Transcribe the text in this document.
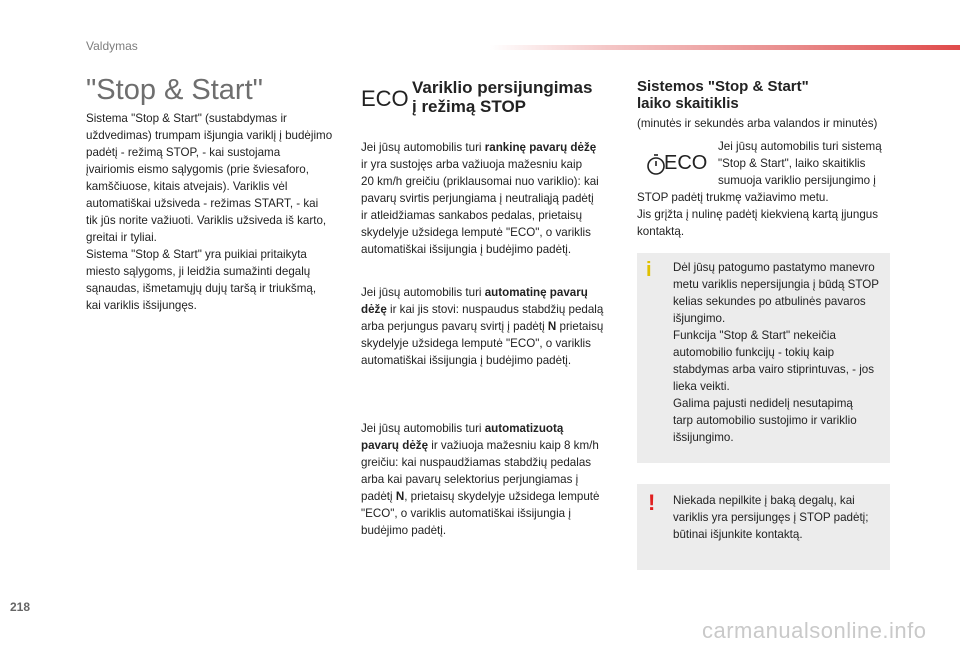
Valdymas
"Stop & Start"

Sistema "Stop & Start" (sustabdymas ir

uždvedimas) trumpam išjungia variklį į budėjimo

padėtį - režimą STOP, - kai sustojama

įvairiomis eismo sąlygomis (prie šviesaforo,

kamščiuose, kitais atvejais). Variklis vėl

automatiškai užsiveda - režimas START, - kai

tik jūs norite važiuoti. Variklis užsiveda iš karto,

greitai ir tyliai.

Sistema "Stop & Start" yra puikiai pritaikyta

miesto sąlygoms, ji leidžia sumažinti degalų

sąnaudas, išmetamųjų dujų taršą ir triukšmą,

kai variklis išsijungęs.

ECO Variklio persijungimas
į režimą STOP

Jei jūsų automobilis turi rankinę pavarų dėžę

ir yra sustojęs arba važiuoja mažesniu kaip

20 km/h greičiu (priklausomai nuo variklio): kai

pavarų svirtis perjungiama į neutraliąją padėtį

ir atleidžiamas sankabos pedalas, prietaisų

skydelyje užsidega lemputė "ECO", o variklis

automatiškai išsijungia į budėjimo padėtį.

Jei jūsų automobilis turi automatinę pavarų

dėžę ir kai jis stovi: nuspaudus stabdžių pedalą

arba perjungus pavarų svirtį į padėtį N prietaisų

skydelyje užsidega lemputė "ECO", o variklis

automatiškai išsijungia į budėjimo padėtį.

Jei jūsų automobilis turi automatizuotą

pavarų dėžę ir važiuoja mažesniu kaip 8 km/h

greičiu: kai nuspaudžiamas stabdžių pedalas

arba kai pavarų selektorius perjungiamas į

padėtį N, prietaisų skydelyje užsidega lemputė

"ECO", o variklis automatiškai išsijungia į

budėjimo padėtį.

Sistemos "Stop & Start"
laiko skaitiklis
(minutės ir sekundės arba valandos ir minutės)
ECO

Jei jūsų automobilis turi sistemą

"Stop & Start", laiko skaitiklis

sumuoja variklio persijungimo į

STOP padėtį trukmę važiavimo metu.

Jis grįžta į nulinę padėtį kiekvieną kartą įjungus

kontaktą.

i Dėl jūsų patogumo pastatymo manevro

metu variklis nepersijungia į būdą STOP

kelias sekundes po atbulinės pavaros

išjungimo.

Funkcija "Stop & Start" nekeičia

automobilio funkcijų - tokių kaip

stabdymas arba vairo stiprintuvas, - jos

lieka veikti.

Galima pajusti nedidelį nesutapimą

tarp automobilio sustojimo ir variklio

išsijungimo.

! Niekada nepilkite į baką degalų, kai

variklis yra persijungęs į STOP padėtį;

būtinai išjunkite kontaktą.

218
carmanualsonline.info
